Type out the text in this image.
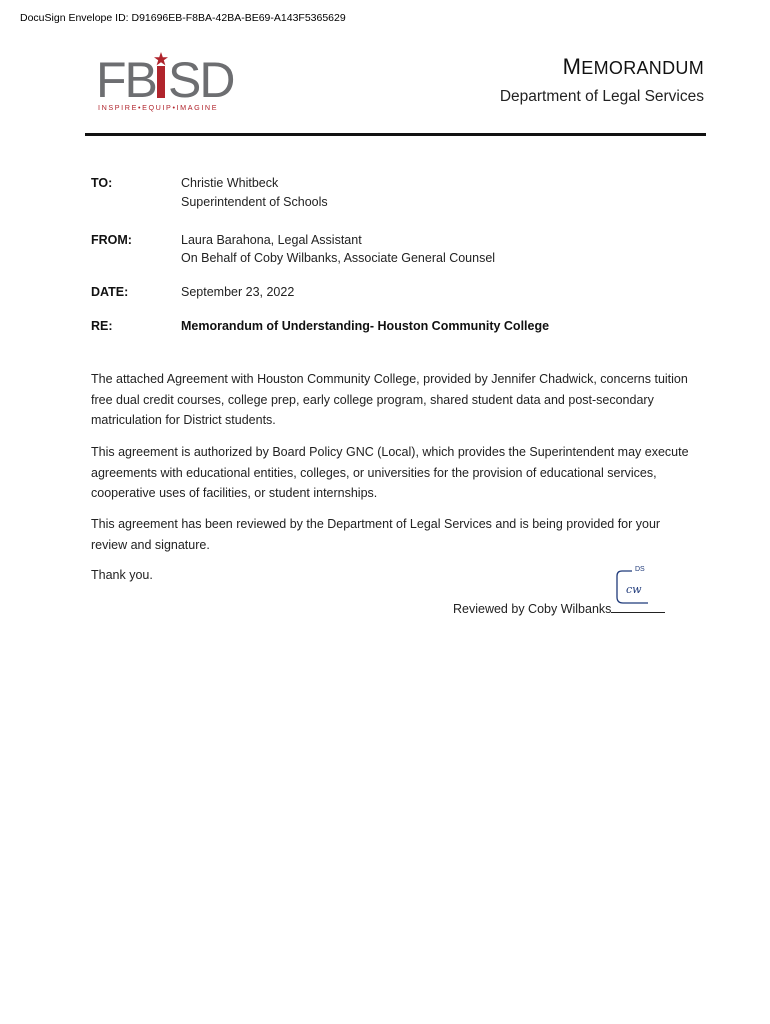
DocuSign Envelope ID: D91696EB-F8BA-42BA-BE69-A143F5365629
FB SD
INSPIRE•EQUIP•IMAGINE
MEMORANDUM
Department of Legal Services
TO:	Christie Whitbeck
Superintendent of Schools
FROM:	Laura Barahona, Legal Assistant
On Behalf of Coby Wilbanks, Associate General Counsel
DATE:	September 23, 2022
RE:	Memorandum of Understanding- Houston Community College

The attached Agreement with Houston Community College, provided by Jennifer Chadwick, concerns tuition free dual credit courses, college prep, early college program, shared student data and post-secondary matriculation for District students.

This agreement is authorized by Board Policy GNC (Local), which provides the Superintendent may execute agreements with educational entities, colleges, or universities for the provision of educational services, cooperative uses of facilities, or student internships.

This agreement has been reviewed by the Department of Legal Services and is being provided for your review and signature.

Thank you.	DS
cw
Reviewed by Coby Wilbanks
